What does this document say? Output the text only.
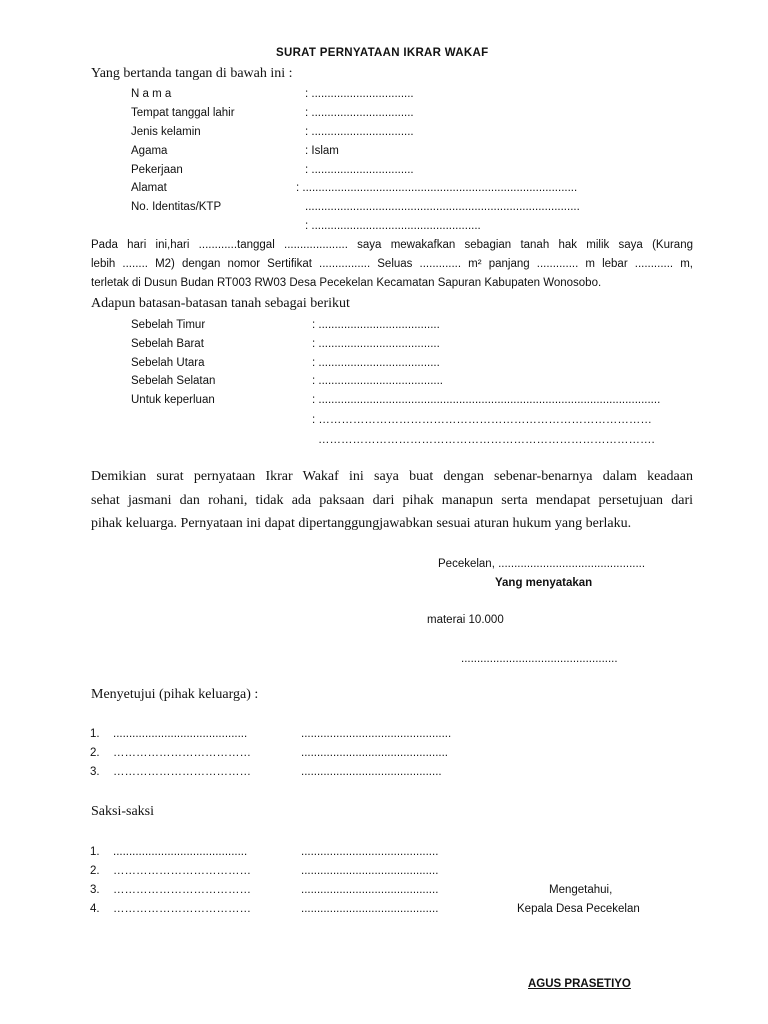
SURAT PERNYATAAN IKRAR WAKAF
Yang bertanda tangan di bawah ini :
N a m a	: ................................
Tempat tanggal lahir	: ................................
Jenis kelamin	: ................................
Agama	: Islam
Pekerjaan	: ................................
Alamat	: ......................................................................................
No. Identitas/KTP	......................................................................................
: .....................................................
Pada hari ini,hari ............tanggal .................... saya mewakafkan sebagian tanah hak milik saya (Kurang
lebih ........ M2) dengan nomor Sertifikat ................ Seluas ............. m² panjang ............. m lebar ............ m,
terletak di Dusun Budan RT003 RW03 Desa Pecekelan Kecamatan Sapuran Kabupaten Wonosobo.
Adapun batasan-batasan tanah sebagai berikut
Sebelah Timur	: ......................................
Sebelah Barat	: ......................................
Sebelah Utara	: ......................................
Sebelah Selatan	: .......................................
Untuk keperluan	: ...........................................................................................................
: ……………………………………………………………………………
…………………………………………………………………………….
Demikian surat pernyataan Ikrar Wakaf ini saya buat dengan sebenar-benarnya dalam keadaan
sehat jasmani dan rohani, tidak ada paksaan dari pihak manapun serta mendapat persetujuan dari
pihak keluarga. Pernyataan ini dapat dipertanggungjawabkan sesuai aturan hukum yang berlaku.
Pecekelan, ..............................................
Yang menyatakan
materai 10.000
.................................................
Menyetujui (pihak keluarga) :
1. ..........................................	...............................................
2. ………………………………	..............................................
3. ………………………………	............................................
Saksi-saksi
1. ..........................................	...........................................
2. ………………………………	...........................................
3. ………………………………	...........................................
4. ………………………………	...........................................
Mengetahui,
Kepala Desa Pecekelan
AGUS PRASETIYO
